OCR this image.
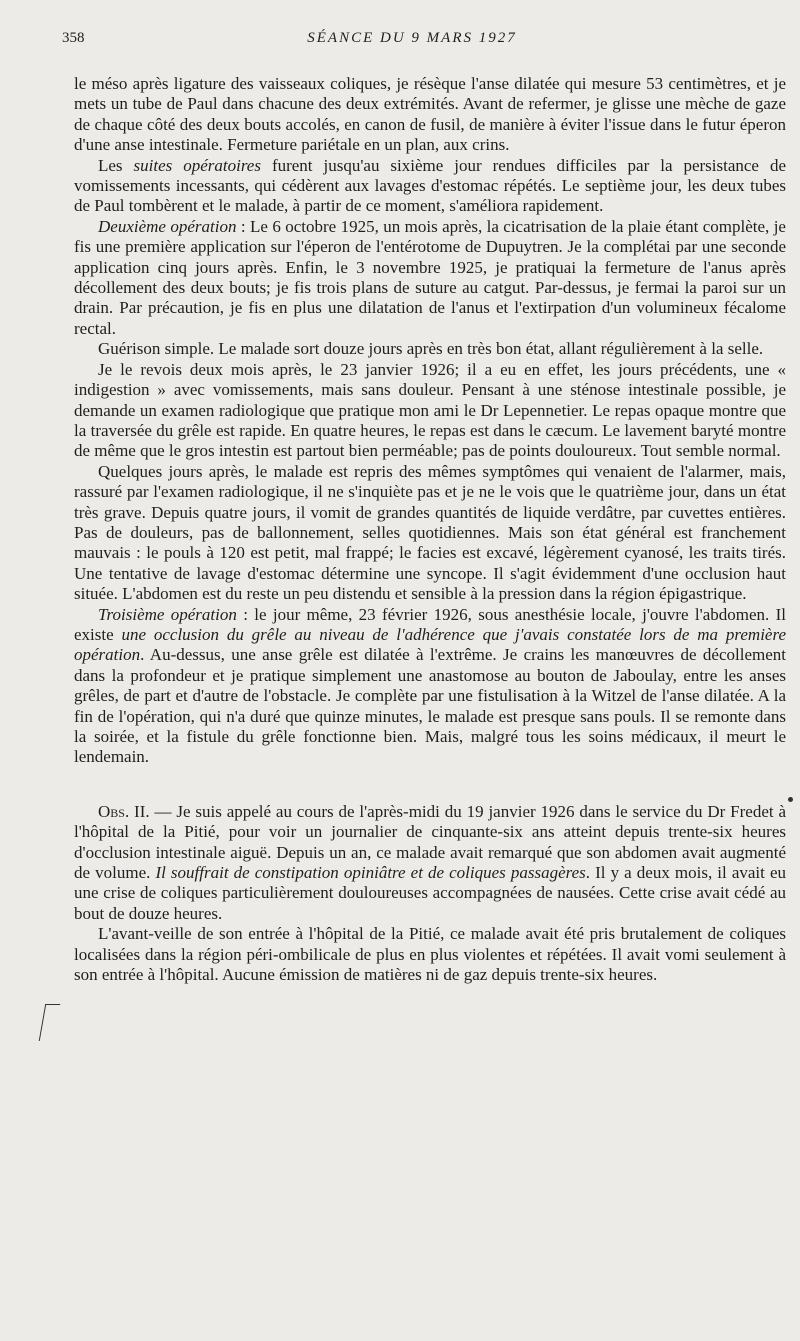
358	SÉANCE DU 9 MARS 1927

le méso après ligature des vaisseaux coliques, je résèque l'anse dilatée qui mesure 53 centimètres, et je mets un tube de Paul dans chacune des deux extrémités. Avant de refermer, je glisse une mèche de gaze de chaque côté des deux bouts accolés, en canon de fusil, de manière à éviter l'issue dans le futur éperon d'une anse intestinale. Fermeture pariétale en un plan, aux crins.

Les suites opératoires furent jusqu'au sixième jour rendues difficiles par la persistance de vomissements incessants, qui cédèrent aux lavages d'estomac répétés. Le septième jour, les deux tubes de Paul tombèrent et le malade, à partir de ce moment, s'améliora rapidement.

Deuxième opération : Le 6 octobre 1925, un mois après, la cicatrisation de la plaie étant complète, je fis une première application sur l'éperon de l'entérotome de Dupuytren. Je la complétai par une seconde application cinq jours après. Enfin, le 3 novembre 1925, je pratiquai la fermeture de l'anus après décollement des deux bouts; je fis trois plans de suture au catgut. Par-dessus, je fermai la paroi sur un drain. Par précaution, je fis en plus une dilatation de l'anus et l'extirpation d'un volumineux fécalome rectal.

Guérison simple. Le malade sort douze jours après en très bon état, allant régulièrement à la selle.

Je le revois deux mois après, le 23 janvier 1926; il a eu en effet, les jours précédents, une « indigestion » avec vomissements, mais sans douleur. Pensant à une sténose intestinale possible, je demande un examen radiologique que pratique mon ami le Dr Lepennetier. Le repas opaque montre que la traversée du grêle est rapide. En quatre heures, le repas est dans le cæcum. Le lavement baryté montre de même que le gros intestin est partout bien perméable; pas de points douloureux. Tout semble normal.

Quelques jours après, le malade est repris des mêmes symptômes qui venaient de l'alarmer, mais, rassuré par l'examen radiologique, il ne s'inquiète pas et je ne le vois que le quatrième jour, dans un état très grave. Depuis quatre jours, il vomit de grandes quantités de liquide verdâtre, par cuvettes entières. Pas de douleurs, pas de ballonnement, selles quotidiennes. Mais son état général est franchement mauvais : le pouls à 120 est petit, mal frappé; le facies est excavé, légèrement cyanosé, les traits tirés. Une tentative de lavage d'estomac détermine une syncope. Il s'agit évidemment d'une occlusion haut située. L'abdomen est du reste un peu distendu et sensible à la pression dans la région épigastrique.

Troisième opération : le jour même, 23 février 1926, sous anesthésie locale, j'ouvre l'abdomen. Il existe une occlusion du grêle au niveau de l'adhérence que j'avais constatée lors de ma première opération. Au-dessus, une anse grêle est dilatée à l'extrême. Je crains les manœuvres de décollement dans la profondeur et je pratique simplement une anastomose au bouton de Jaboulay, entre les anses grêles, de part et d'autre de l'obstacle. Je complète par une fistulisation à la Witzel de l'anse dilatée. A la fin de l'opération, qui n'a duré que quinze minutes, le malade est presque sans pouls. Il se remonte dans la soirée, et la fistule du grêle fonctionne bien. Mais, malgré tous les soins médicaux, il meurt le lendemain.

Obs. II. — Je suis appelé au cours de l'après-midi du 19 janvier 1926 dans le service du Dr Fredet à l'hôpital de la Pitié, pour voir un journalier de cinquante-six ans atteint depuis trente-six heures d'occlusion intestinale aiguë. Depuis un an, ce malade avait remarqué que son abdomen avait augmenté de volume. Il souffrait de constipation opiniâtre et de coliques passagères. Il y a deux mois, il avait eu une crise de coliques particulièrement douloureuses accompagnées de nausées. Cette crise avait cédé au bout de douze heures.

L'avant-veille de son entrée à l'hôpital de la Pitié, ce malade avait été pris brutalement de coliques localisées dans la région péri-ombilicale de plus en plus violentes et répétées. Il avait vomi seulement à son entrée à l'hôpital. Aucune émission de matières ni de gaz depuis trente-six heures.
